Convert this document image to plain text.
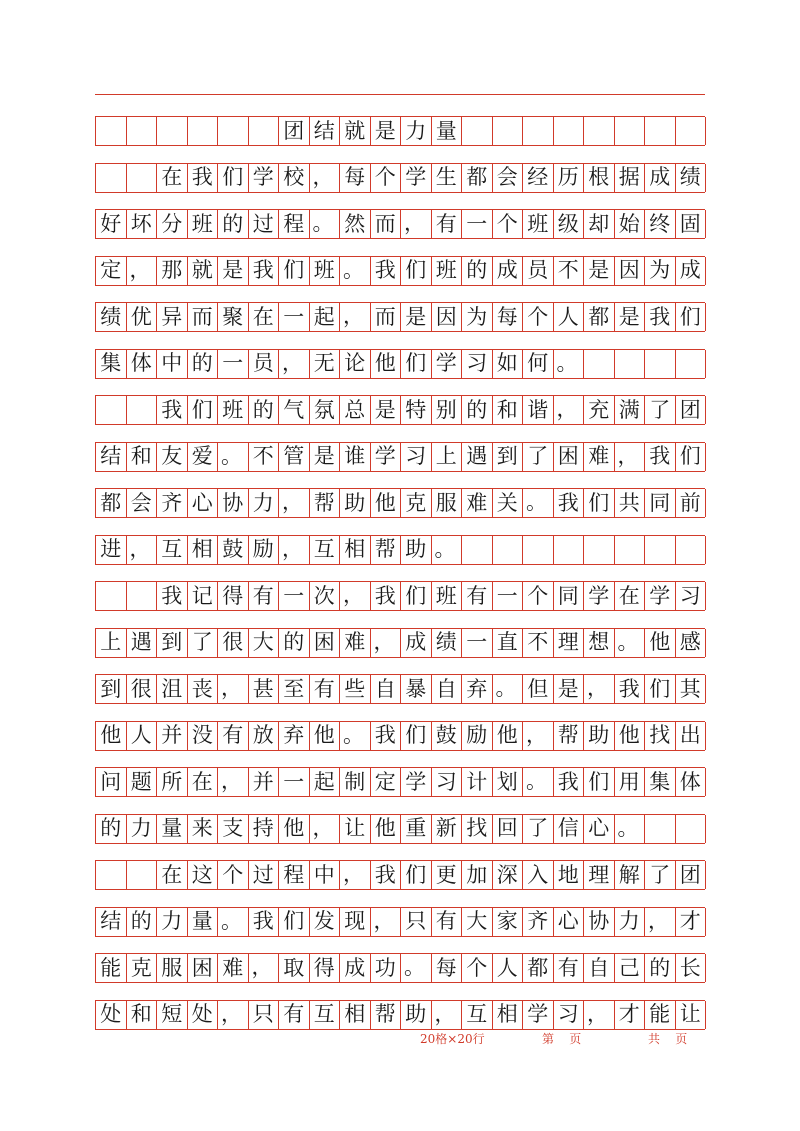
团 结 就 是 力 量
在 我 们 学 校 ， 每 个 学 生 都 会 经 历 根 据 成 绩
好 坏 分 班 的 过 程 。 然 而 ， 有 一 个 班 级 却 始 终 固
定 ， 那 就 是 我 们 班 。 我 们 班 的 成 员 不 是 因 为 成
绩 优 异 而 聚 在 一 起 ， 而 是 因 为 每 个 人 都 是 我 们
集 体 中 的 一 员 ， 无 论 他 们 学 习 如 何 。
我 们 班 的 气 氛 总 是 特 别 的 和 谐 ， 充 满 了 团
结 和 友 爱 。 不 管 是 谁 学 习 上 遇 到 了 困 难 ， 我 们
都 会 齐 心 协 力 ， 帮 助 他 克 服 难 关 。 我 们 共 同 前
进 ， 互 相 鼓 励 ， 互 相 帮 助 。
我 记 得 有 一 次 ， 我 们 班 有 一 个 同 学 在 学 习
上 遇 到 了 很 大 的 困 难 ， 成 绩 一 直 不 理 想 。 他 感
到 很 沮 丧 ， 甚 至 有 些 自 暴 自 弃 。 但 是 ， 我 们 其
他 人 并 没 有 放 弃 他 。 我 们 鼓 励 他 ， 帮 助 他 找 出
问 题 所 在 ， 并 一 起 制 定 学 习 计 划 。 我 们 用 集 体
的 力 量 来 支 持 他 ， 让 他 重 新 找 回 了 信 心 。
在 这 个 过 程 中 ， 我 们 更 加 深 入 地 理 解 了 团
结 的 力 量 。 我 们 发 现 ， 只 有 大 家 齐 心 协 力 ， 才
能 克 服 困 难 ， 取 得 成 功 。 每 个 人 都 有 自 己 的 长
处 和 短 处 ， 只 有 互 相 帮 助 ， 互 相 学 习 ， 才 能 让
20格×20行	第    页	共    页
